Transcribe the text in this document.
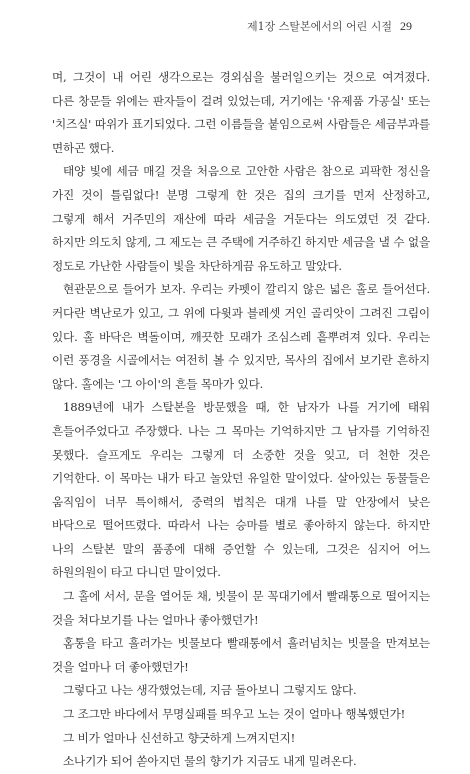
제1장 스탈본에서의 어린 시절 29

며, 그것이 내 어린 생각으로는 경외심을 불러일으키는 것으로 여겨졌다. 다른 창문들 위에는 판자들이 걸려 있었는데, 거기에는 '유제품 가공실' 또는 '치즈실' 따위가 표기되었다. 그런 이름들을 붙임으로써 사람들은 세금부과를 면하곤 했다.

태양 빛에 세금 매길 것을 처음으로 고안한 사람은 참으로 괴팍한 정신을 가진 것이 틀림없다! 분명 그렇게 한 것은 집의 크기를 먼저 산정하고, 그렇게 해서 거주민의 재산에 따라 세금을 거둔다는 의도였던 것 같다. 하지만 의도치 않게, 그 제도는 큰 주택에 거주하긴 하지만 세금을 낼 수 없을 정도로 가난한 사람들이 빛을 차단하게끔 유도하고 말았다.

현관문으로 들어가 보자. 우리는 카펫이 깔리지 않은 넓은 홀로 들어선다. 커다란 벽난로가 있고, 그 위에 다윗과 블레셋 거인 골리앗이 그려진 그림이 있다. 홀 바닥은 벽돌이며, 깨끗한 모래가 조심스레 흩뿌려져 있다. 우리는 이런 풍경을 시골에서는 여전히 볼 수 있지만, 목사의 집에서 보기란 흔하지 않다. 홀에는 '그 아이'의 흔들 목마가 있다.

1889년에 내가 스탈본을 방문했을 때, 한 남자가 나를 거기에 태워 흔들어주었다고 주장했다. 나는 그 목마는 기억하지만 그 남자를 기억하진 못했다. 슬프게도 우리는 그렇게 더 소중한 것을 잊고, 더 천한 것은 기억한다. 이 목마는 내가 타고 놀았던 유일한 말이었다. 살아있는 동물들은 움직임이 너무 특이해서, 중력의 법칙은 대개 나를 말 안장에서 낮은 바닥으로 떨어뜨렸다. 따라서 나는 승마를 별로 좋아하지 않는다. 하지만 나의 스탈본 말의 품종에 대해 증언할 수 있는데, 그것은 심지어 어느 하원의원이 타고 다니던 말이었다.

그 홀에 서서, 문을 열어둔 채, 빗물이 문 꼭대기에서 빨래통으로 떨어지는 것을 쳐다보기를 나는 얼마나 좋아했던가!

홈통을 타고 흘러가는 빗물보다 빨래통에서 흘러넘치는 빗물을 만져보는 것을 얼마나 더 좋아했던가!

그렇다고 나는 생각했었는데, 지금 돌아보니 그렇지도 않다.

그 조그만 바다에서 무명실패를 띄우고 노는 것이 얼마나 행복했던가!

그 비가 얼마나 신선하고 향긋하게 느껴지던지!

소나기가 되어 쏟아지던 물의 향기가 지금도 내게 밀려온다.
